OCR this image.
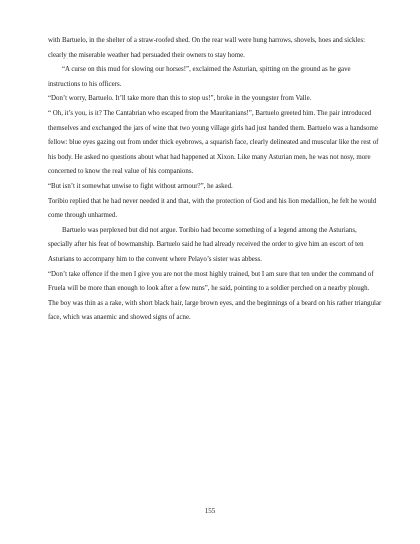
with Bartuelo, in the shelter of a straw-roofed shed. On the rear wall were hung harrows, shovels, hoes and sickles: clearly the miserable weather had persuaded their owners to stay home.

“A curse on this mud for slowing our horses!”, exclaimed the Asturian, spitting on the ground as he gave instructions to his officers.

“Don’t worry, Bartuelo. It’ll take more than this to stop us!”, broke in the youngster from Valle.

“ Oh, it’s you, is it? The Cantabrian who escaped from the Mauritanians!”, Bartuelo greeted him. The pair introduced themselves and exchanged the jars of wine that two young village girls had just handed them. Bartuelo was a handsome fellow: blue eyes gazing out from under thick eyebrows, a squarish face, clearly delineated and muscular like the rest of his body. He asked no questions about what had happened at Xixon. Like many Asturian men, he was not nosy, more concerned to know the real value of his companions.

“But isn’t it somewhat unwise to fight without armour?”, he asked.

Toribio replied that he had never needed it and that, with the protection of God and his lion medallion, he felt he would come through unharmed.

Bartuelo was perplexed but did not argue. Toribio had become something of a legend among the Asturians, specially after his feat of bowmanship. Bartuelo said he had already received the order to give him an escort of ten Asturians to accompany him to the convent where Pelayo’s sister was abbess.

“Don’t take offence if the men I give you are not the most highly trained, but I am sure that ten under the command of Fruela will be more than enough to look after a few nuns”, he said, pointing to a soldier perched on a nearby plough.

The boy was thin as a rake, with short black hair, large brown eyes, and the beginnings of a beard on his rather triangular face, which was anaemic and showed signs of acne.

155
